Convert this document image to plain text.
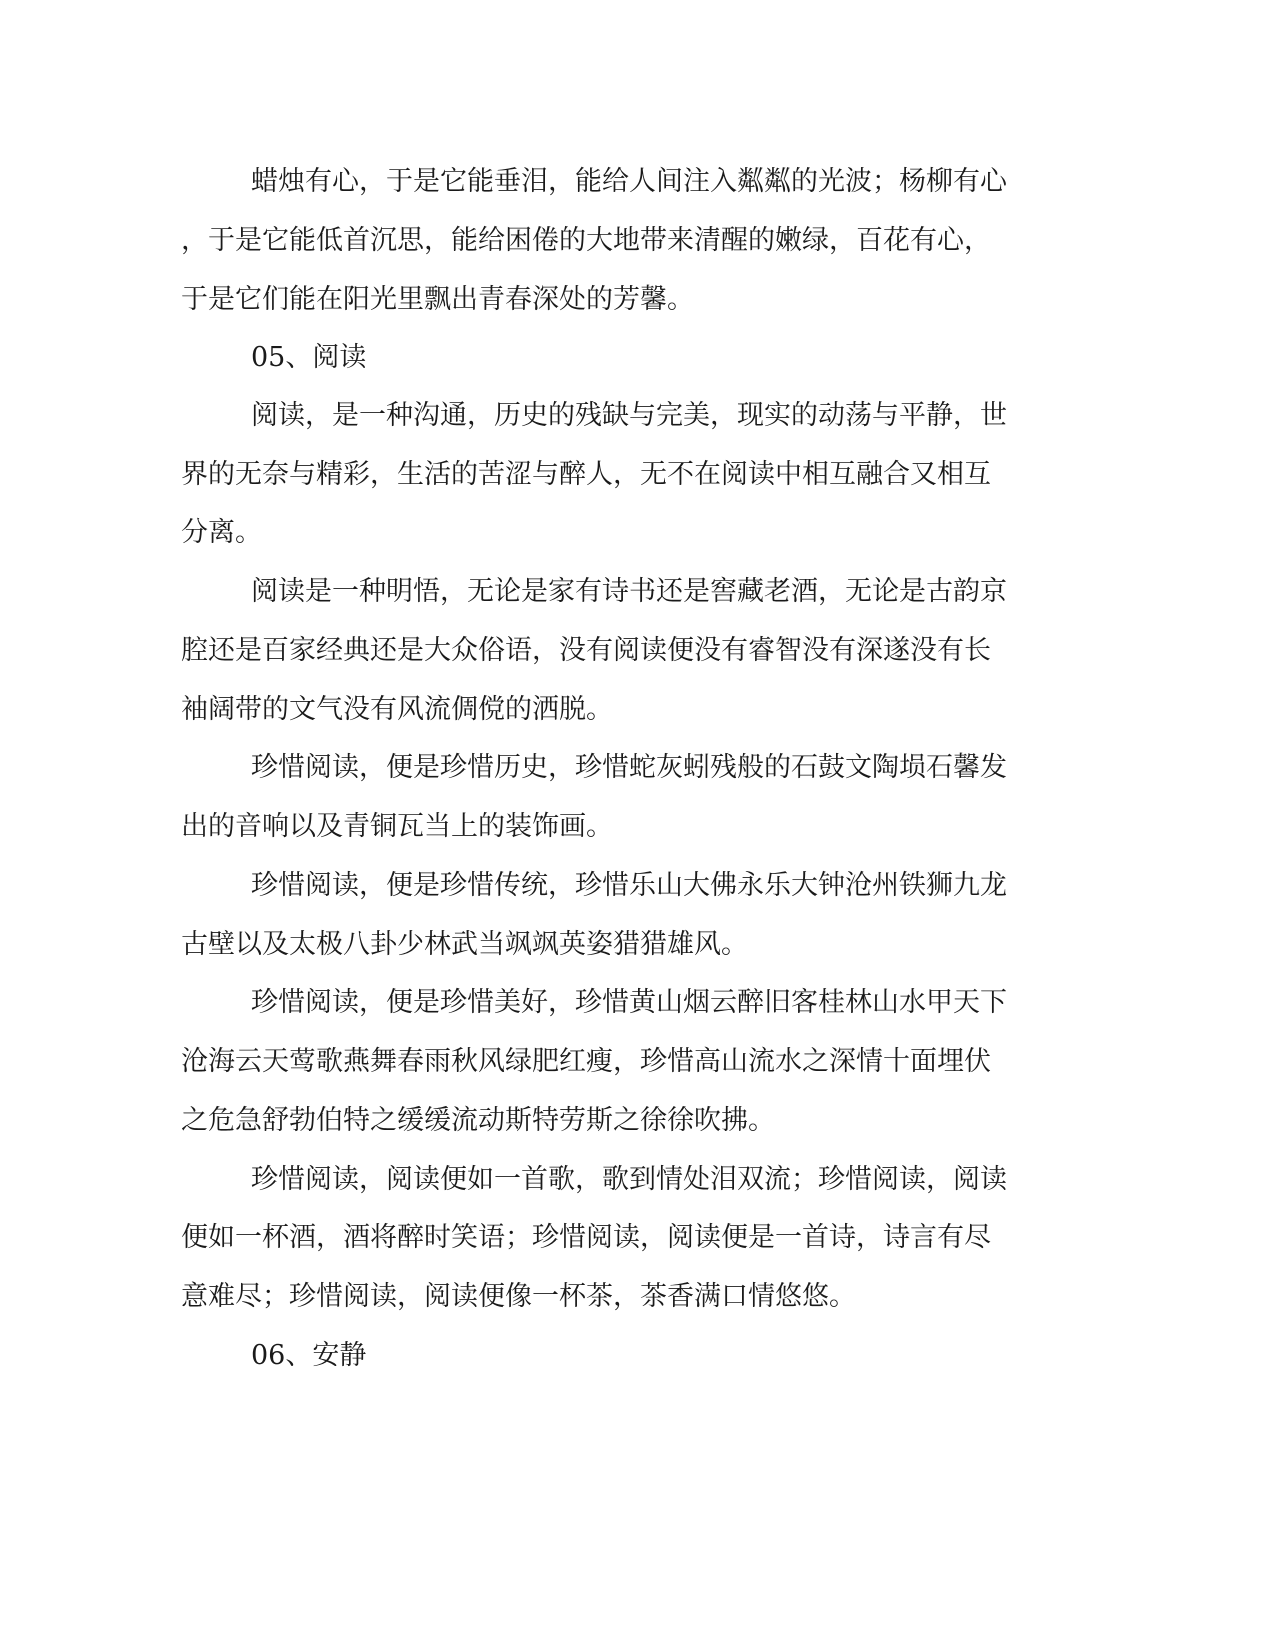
蜡烛有心，于是它能垂泪，能给人间注入粼粼的光波；杨柳有心
，于是它能低首沉思，能给困倦的大地带来清醒的嫩绿，百花有心，
于是它们能在阳光里飘出青春深处的芳馨。
05、阅读
阅读，是一种沟通，历史的残缺与完美，现实的动荡与平静，世
界的无奈与精彩，生活的苦涩与醉人，无不在阅读中相互融合又相互
分离。
阅读是一种明悟，无论是家有诗书还是窖藏老酒，无论是古韵京
腔还是百家经典还是大众俗语，没有阅读便没有睿智没有深遂没有长
袖阔带的文气没有风流倜傥的洒脱。
珍惜阅读，便是珍惜历史，珍惜蛇灰蚓残般的石鼓文陶埙石馨发
出的音响以及青铜瓦当上的装饰画。
珍惜阅读，便是珍惜传统，珍惜乐山大佛永乐大钟沧州铁狮九龙
古壁以及太极八卦少林武当飒飒英姿猎猎雄风。
珍惜阅读，便是珍惜美好，珍惜黄山烟云醉旧客桂林山水甲天下
沧海云天莺歌燕舞春雨秋风绿肥红瘦，珍惜高山流水之深情十面埋伏
之危急舒勃伯特之缓缓流动斯特劳斯之徐徐吹拂。
珍惜阅读，阅读便如一首歌，歌到情处泪双流；珍惜阅读，阅读
便如一杯酒，酒将醉时笑语；珍惜阅读，阅读便是一首诗，诗言有尽
意难尽；珍惜阅读，阅读便像一杯茶，茶香满口情悠悠。
06、安静
